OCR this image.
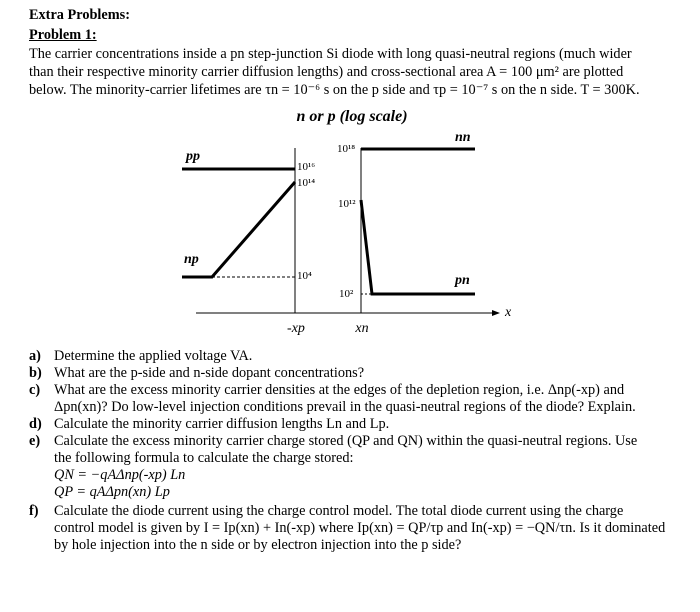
Extra Problems:
Problem 1:
The carrier concentrations inside a pn step-junction Si diode with long quasi-neutral regions (much wider
than their respective minority carrier diffusion lengths) and cross-sectional area A = 100 μm² are plotted
below. The minority-carrier lifetimes are τn = 10⁻⁶ s on the p side and τp = 10⁻⁷ s on the n side. T = 300K.
n or p (log scale)
x
pp
np
10¹⁶
10¹⁴
10⁴
nn
pn
10¹⁸
10¹²
10²
-xp	xn
a) Determine the applied voltage VA.
b) What are the p-side and n-side dopant concentrations?
c) What are the excess minority carrier densities at the edges of the depletion region, i.e. Δnp(-xp) and
Δpn(xn)? Do low-level injection conditions prevail in the quasi-neutral regions of the diode? Explain.
d) Calculate the minority carrier diffusion lengths Ln and Lp.
e) Calculate the excess minority carrier charge stored (QP and QN) within the quasi-neutral regions. Use
the following formula to calculate the charge stored:
QN = −qAΔnp(-xp) Ln
QP = qAΔpn(xn) Lp
f) Calculate the diode current using the charge control model. The total diode current using the charge
control model is given by I = Ip(xn) + In(-xp) where Ip(xn) = QP/τp and In(-xp) = −QN/τn. Is it dominated
by hole injection into the n side or by electron injection into the p side?
